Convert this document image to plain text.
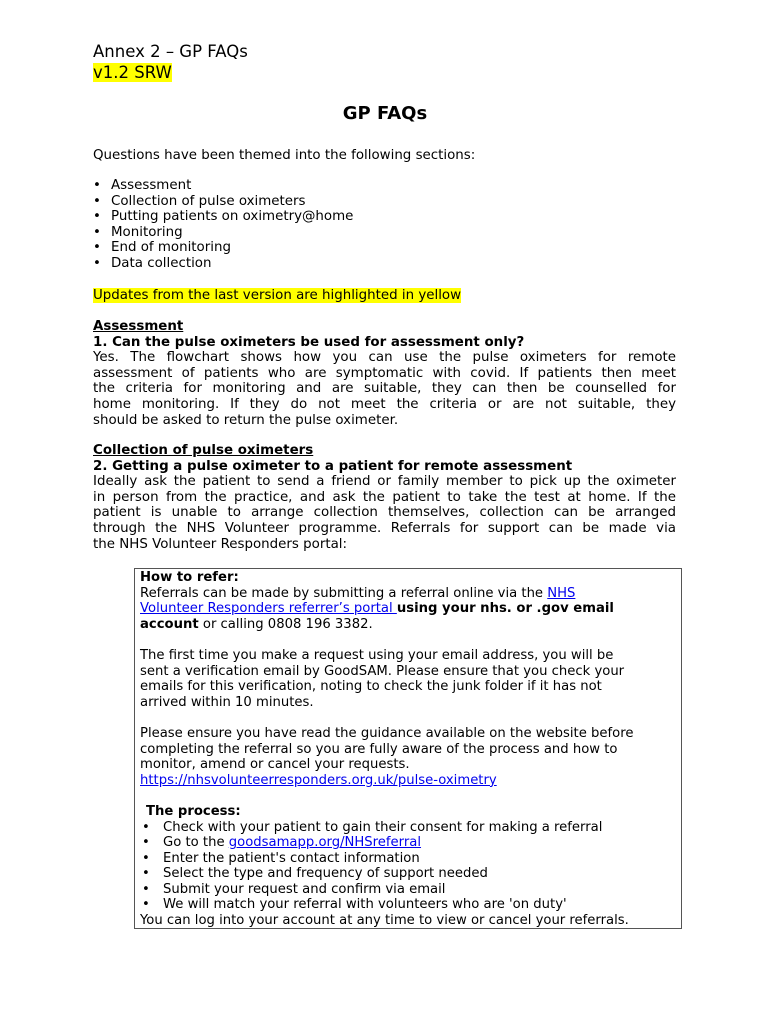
Annex 2 – GP FAQs
v1.2 SRW
GP FAQs
Questions have been themed into the following sections:
• Assessment
• Collection of pulse oximeters
• Putting patients on oximetry@home
• Monitoring
• End of monitoring
• Data collection
Updates from the last version are highlighted in yellow
Assessment
1. Can the pulse oximeters be used for assessment only?
Yes. The flowchart shows how you can use the pulse oximeters for remote
assessment of patients who are symptomatic with covid. If patients then meet
the criteria for monitoring and are suitable, they can then be counselled for
home monitoring. If they do not meet the criteria or are not suitable, they
should be asked to return the pulse oximeter.
Collection of pulse oximeters
2. Getting a pulse oximeter to a patient for remote assessment
Ideally ask the patient to send a friend or family member to pick up the oximeter
in person from the practice, and ask the patient to take the test at home. If the
patient is unable to arrange collection themselves, collection can be arranged
through the NHS Volunteer programme. Referrals for support can be made via
the NHS Volunteer Responders portal:

How to refer:

Referrals can be made by submitting a referral online via the NHS
Volunteer Responders referrer’s portal using your nhs. or .gov email
account or calling 0808 196 3382.

The first time you make a request using your email address, you will be
sent a verification email by GoodSAM. Please ensure that you check your
emails for this verification, noting to check the junk folder if it has not
arrived within 10 minutes.

Please ensure you have read the guidance available on the website before
completing the referral so you are fully aware of the process and how to
monitor, amend or cancel your requests.
https://nhsvolunteerresponders.org.uk/pulse-oximetry

The process:

• Check with your patient to gain their consent for making a referral
• Go to the goodsamapp.org/NHSreferral
• Enter the patient's contact information
• Select the type and frequency of support needed
• Submit your request and confirm via email
• We will match your referral with volunteers who are 'on duty'

You can log into your account at any time to view or cancel your referrals.
